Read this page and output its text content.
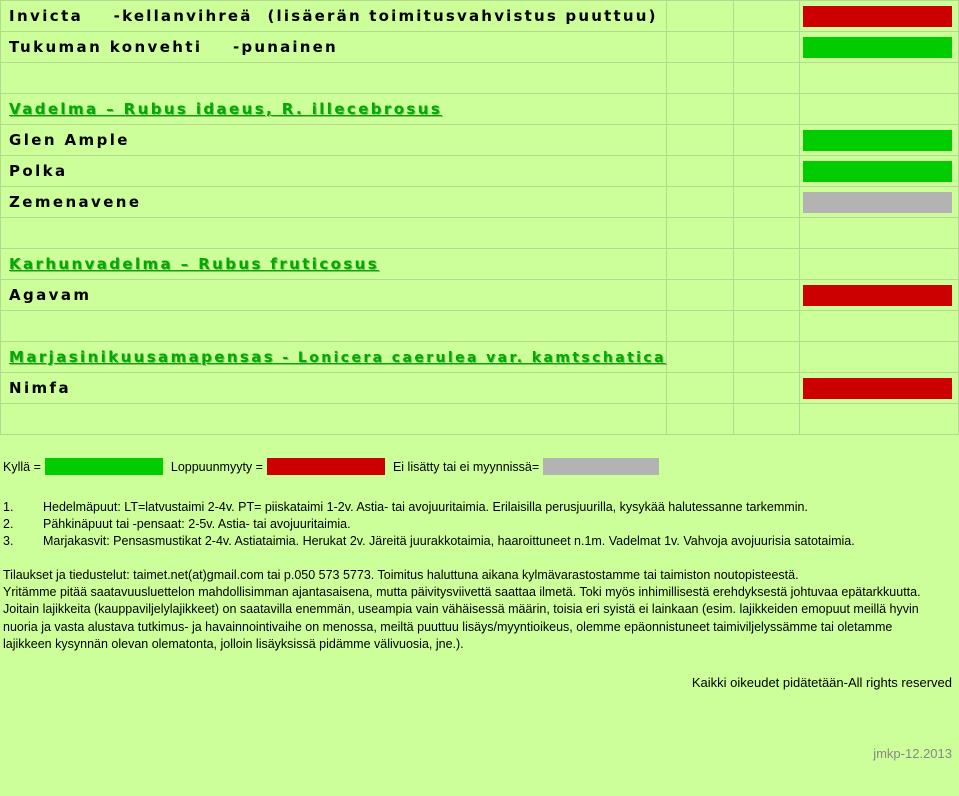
Invicta -kellanvihreä  (lisäerän toimitusvahvistus puuttuu)			

Tukuman konvehti -punainen			

Vadelma – Rubus idaeus, R. illecebrosus			

Glen Ample			

Polka			

Zemenavene			

Karhunvadelma – Rubus fruticosus			

Agavam			

Marjasinikuusamapensas - Lonicera caerulea var. kamtschatica			

Nimfa			

Kyllä =	Loppuunmyyty =	Ei lisätty tai ei myynnissä=
1. Hedelmäpuut: LT=latvustaimi 2-4v. PT= piiskataimi 1-2v. Astia- tai avojuuritaimia. Erilaisilla perusjuurilla, kysykää halutessanne tarkemmin.
2. Pähkinäpuut tai -pensaat: 2-5v. Astia- tai avojuuritaimia.
3. Marjakasvit: Pensasmustikat 2-4v. Astiataimia. Herukat 2v. Järeitä juurakkotaimia, haaroittuneet n.1m. Vadelmat 1v. Vahvoja avojuurisia satotaimia.
Tilaukset ja tiedustelut: taimet.net(at)gmail.com tai p.050 573 5773. Toimitus haluttuna aikana kylmävarastostamme tai taimiston noutopisteestä.
Yritämme pitää saatavuusluettelon mahdollisimman ajantasaisena, mutta päivitysviivettä saattaa ilmetä. Toki myös inhimillisestä erehdyksestä johtuvaa epätarkkuutta.
Joitain lajikkeita (kauppaviljelylajikkeet) on saatavilla enemmän, useampia vain vähäisessä määrin, toisia eri syistä ei lainkaan (esim. lajikkeiden emopuut meillä hyvin
nuoria ja vasta alustava tutkimus- ja havainnointivaihe on menossa, meiltä puuttuu lisäys/myyntioikeus, olemme epäonnistuneet taimiviljelyssämme tai oletamme
lajikkeen kysynnän olevan olematonta, jolloin lisäyksissä pidämme välivuosia, jne.).
Kaikki oikeudet pidätetään-All rights reserved
jmkp-12.2013
